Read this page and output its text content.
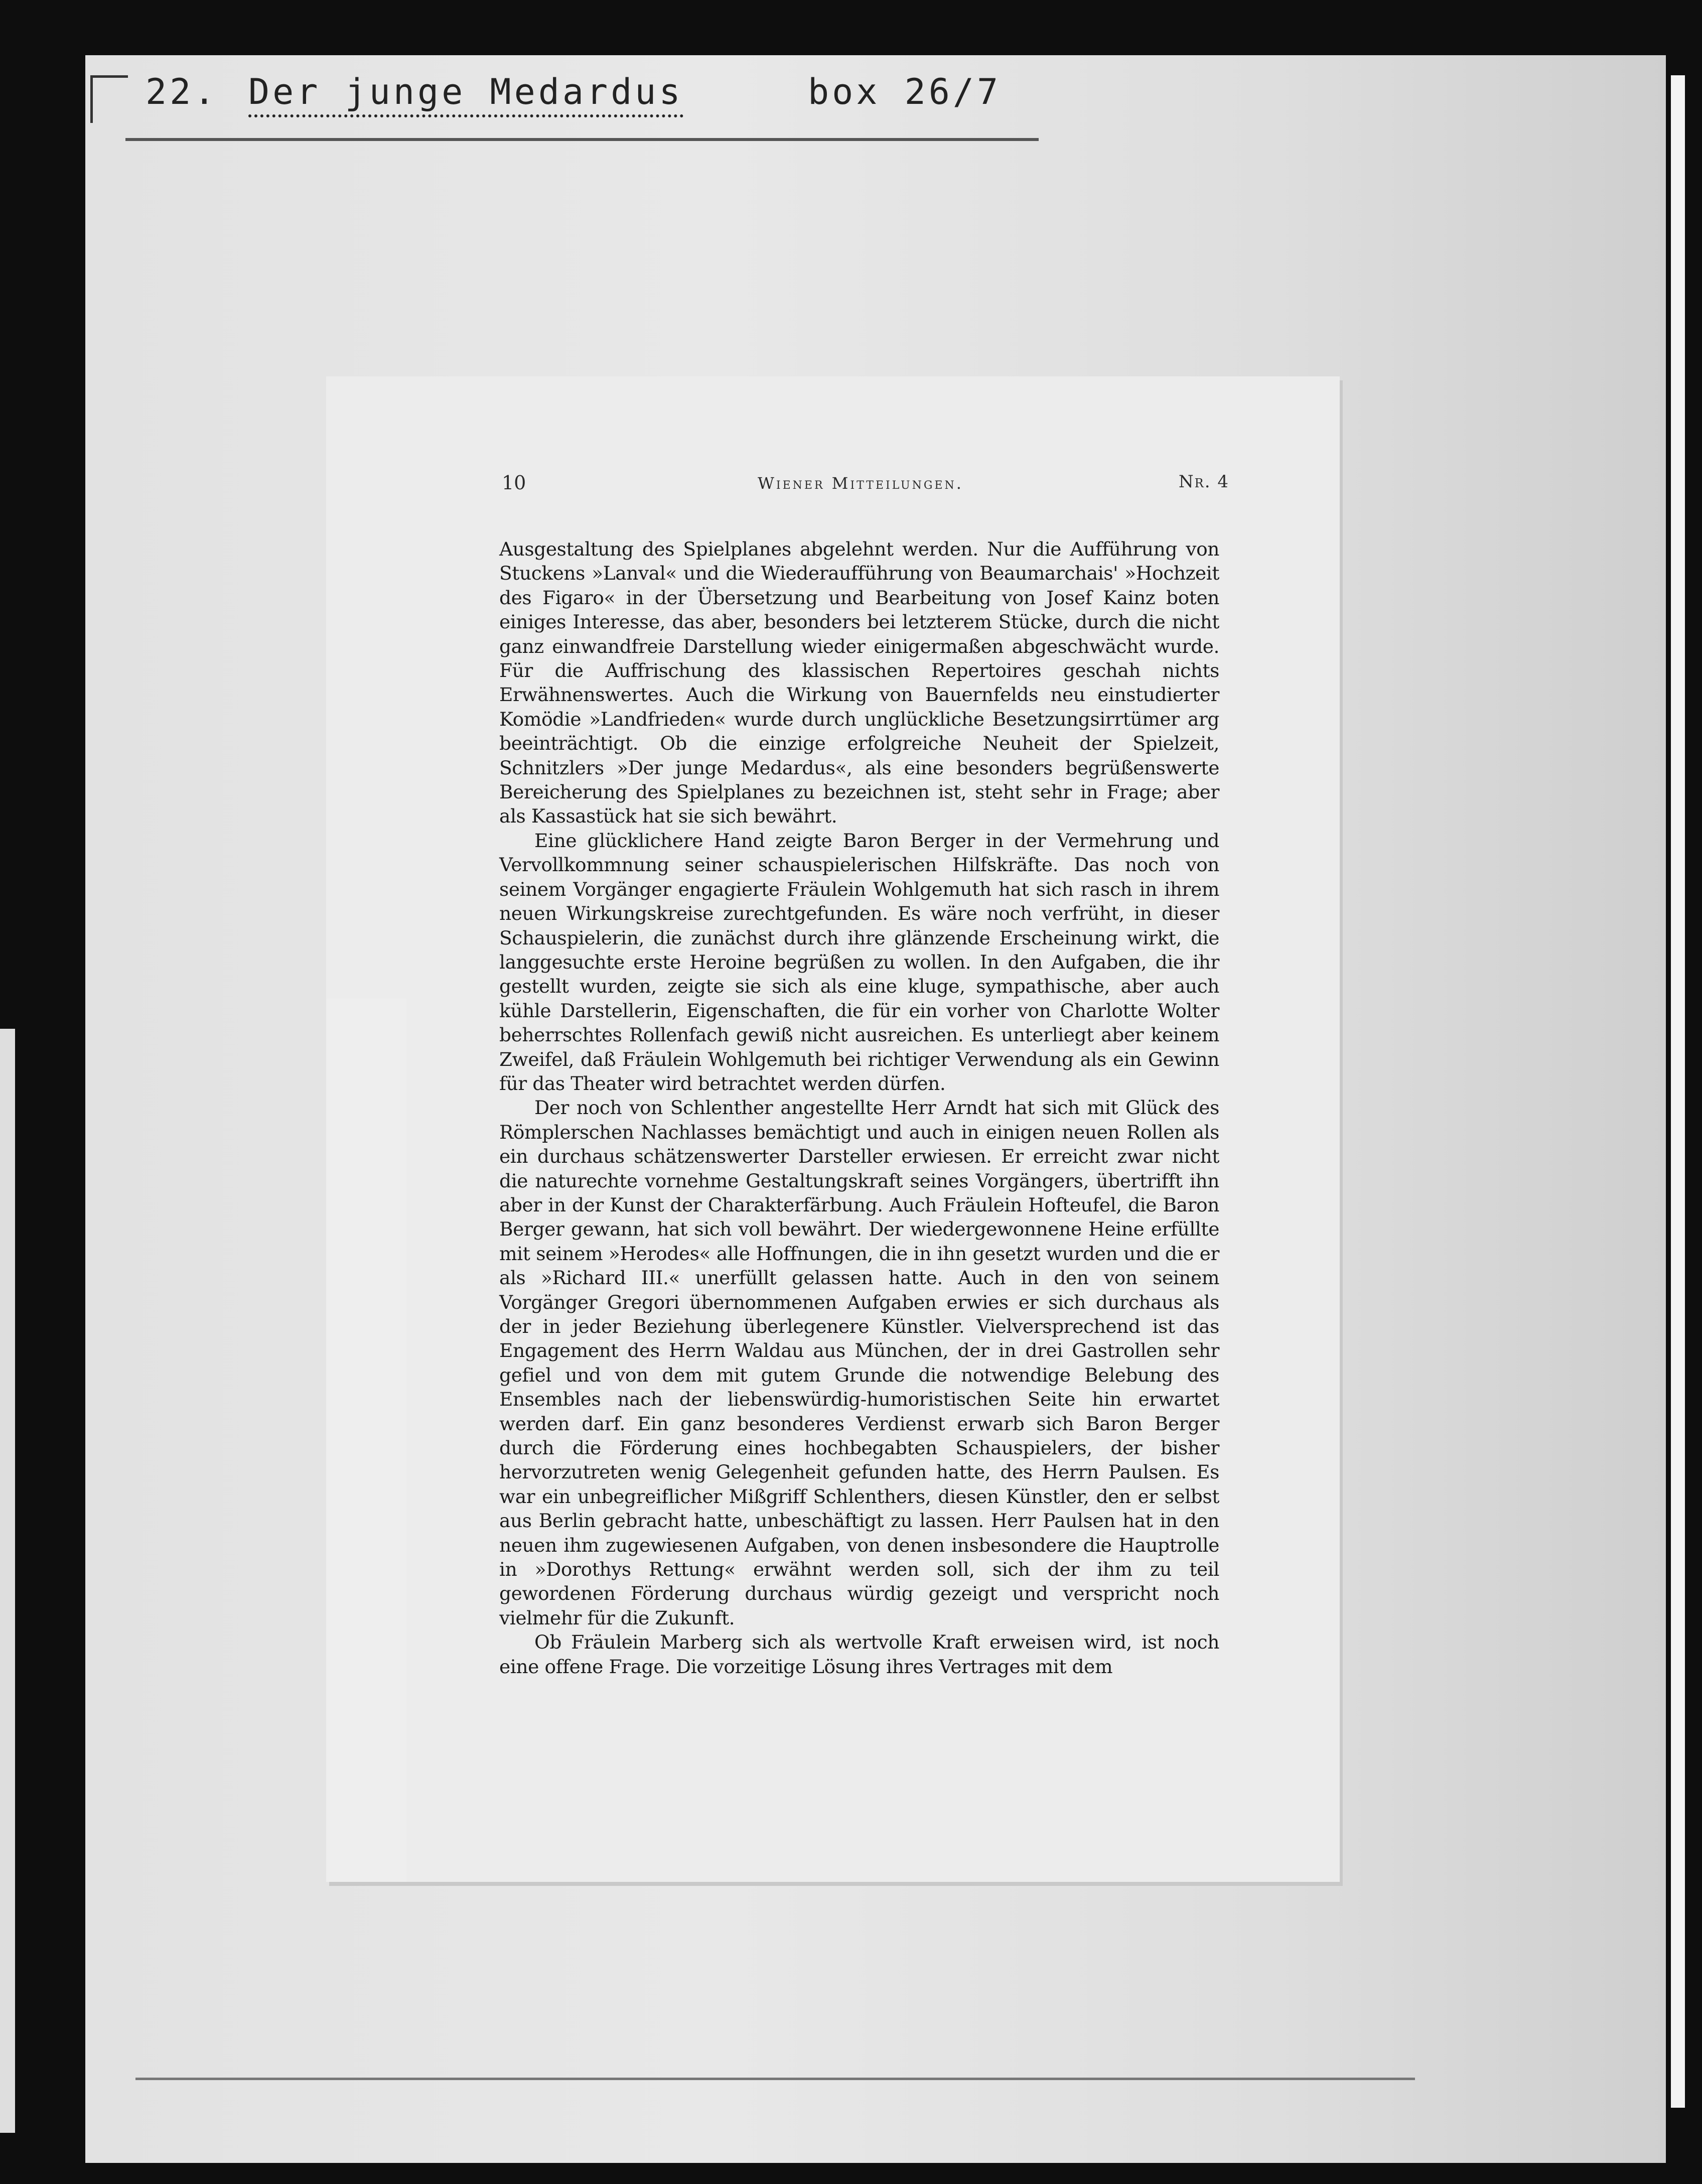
22. Der junge Medardus	box 26/7
10	Wiener Mitteilungen.	Nr. 4

Ausgestaltung des Spielplanes abgelehnt werden. Nur die Aufführung von Stuckens »Lanval« und die Wiederaufführung von Beaumarchais' »Hochzeit des Figaro« in der Übersetzung und Bearbeitung von Josef Kainz boten einiges Interesse, das aber, besonders bei letzterem Stücke, durch die nicht ganz einwandfreie Darstellung wieder einigermaßen abgeschwächt wurde. Für die Auffrischung des klassischen Repertoires geschah nichts Erwähnenswertes. Auch die Wirkung von Bauernfelds neu einstudierter Komödie »Landfrieden« wurde durch unglückliche Besetzungsirrtümer arg beeinträchtigt. Ob die einzige erfolgreiche Neuheit der Spielzeit, Schnitzlers »Der junge Medardus«, als eine besonders begrüßenswerte Bereicherung des Spielplanes zu bezeichnen ist, steht sehr in Frage; aber als Kassastück hat sie sich bewährt.

Eine glücklichere Hand zeigte Baron Berger in der Vermehrung und Vervollkommnung seiner schauspielerischen Hilfskräfte. Das noch von seinem Vorgänger engagierte Fräulein Wohlgemuth hat sich rasch in ihrem neuen Wirkungskreise zurechtgefunden. Es wäre noch verfrüht, in dieser Schauspielerin, die zunächst durch ihre glänzende Erscheinung wirkt, die langgesuchte erste Heroine begrüßen zu wollen. In den Aufgaben, die ihr gestellt wurden, zeigte sie sich als eine kluge, sympathische, aber auch kühle Darstellerin, Eigenschaften, die für ein vorher von Charlotte Wolter beherrschtes Rollenfach gewiß nicht ausreichen. Es unterliegt aber keinem Zweifel, daß Fräulein Wohlgemuth bei richtiger Verwendung als ein Gewinn für das Theater wird betrachtet werden dürfen.

Der noch von Schlenther angestellte Herr Arndt hat sich mit Glück des Römplerschen Nachlasses bemächtigt und auch in einigen neuen Rollen als ein durchaus schätzenswerter Darsteller erwiesen. Er erreicht zwar nicht die naturechte vornehme Gestaltungskraft seines Vorgängers, übertrifft ihn aber in der Kunst der Charakterfärbung. Auch Fräulein Hofteufel, die Baron Berger gewann, hat sich voll bewährt. Der wiedergewonnene Heine erfüllte mit seinem »Herodes« alle Hoffnungen, die in ihn gesetzt wurden und die er als »Richard III.« unerfüllt gelassen hatte. Auch in den von seinem Vorgänger Gregori übernommenen Aufgaben erwies er sich durchaus als der in jeder Beziehung überlegenere Künstler. Vielversprechend ist das Engagement des Herrn Waldau aus München, der in drei Gastrollen sehr gefiel und von dem mit gutem Grunde die notwendige Belebung des Ensembles nach der liebenswürdig-humoristischen Seite hin erwartet werden darf. Ein ganz besonderes Verdienst erwarb sich Baron Berger durch die Förderung eines hochbegabten Schauspielers, der bisher hervorzutreten wenig Gelegenheit gefunden hatte, des Herrn Paulsen. Es war ein unbegreiflicher Mißgriff Schlenthers, diesen Künstler, den er selbst aus Berlin gebracht hatte, unbeschäftigt zu lassen. Herr Paulsen hat in den neuen ihm zugewiesenen Aufgaben, von denen insbesondere die Hauptrolle in »Dorothys Rettung« erwähnt werden soll, sich der ihm zu teil gewordenen Förderung durchaus würdig gezeigt und verspricht noch vielmehr für die Zukunft.

Ob Fräulein Marberg sich als wertvolle Kraft erweisen wird, ist noch eine offene Frage. Die vorzeitige Lösung ihres Vertrages mit dem
